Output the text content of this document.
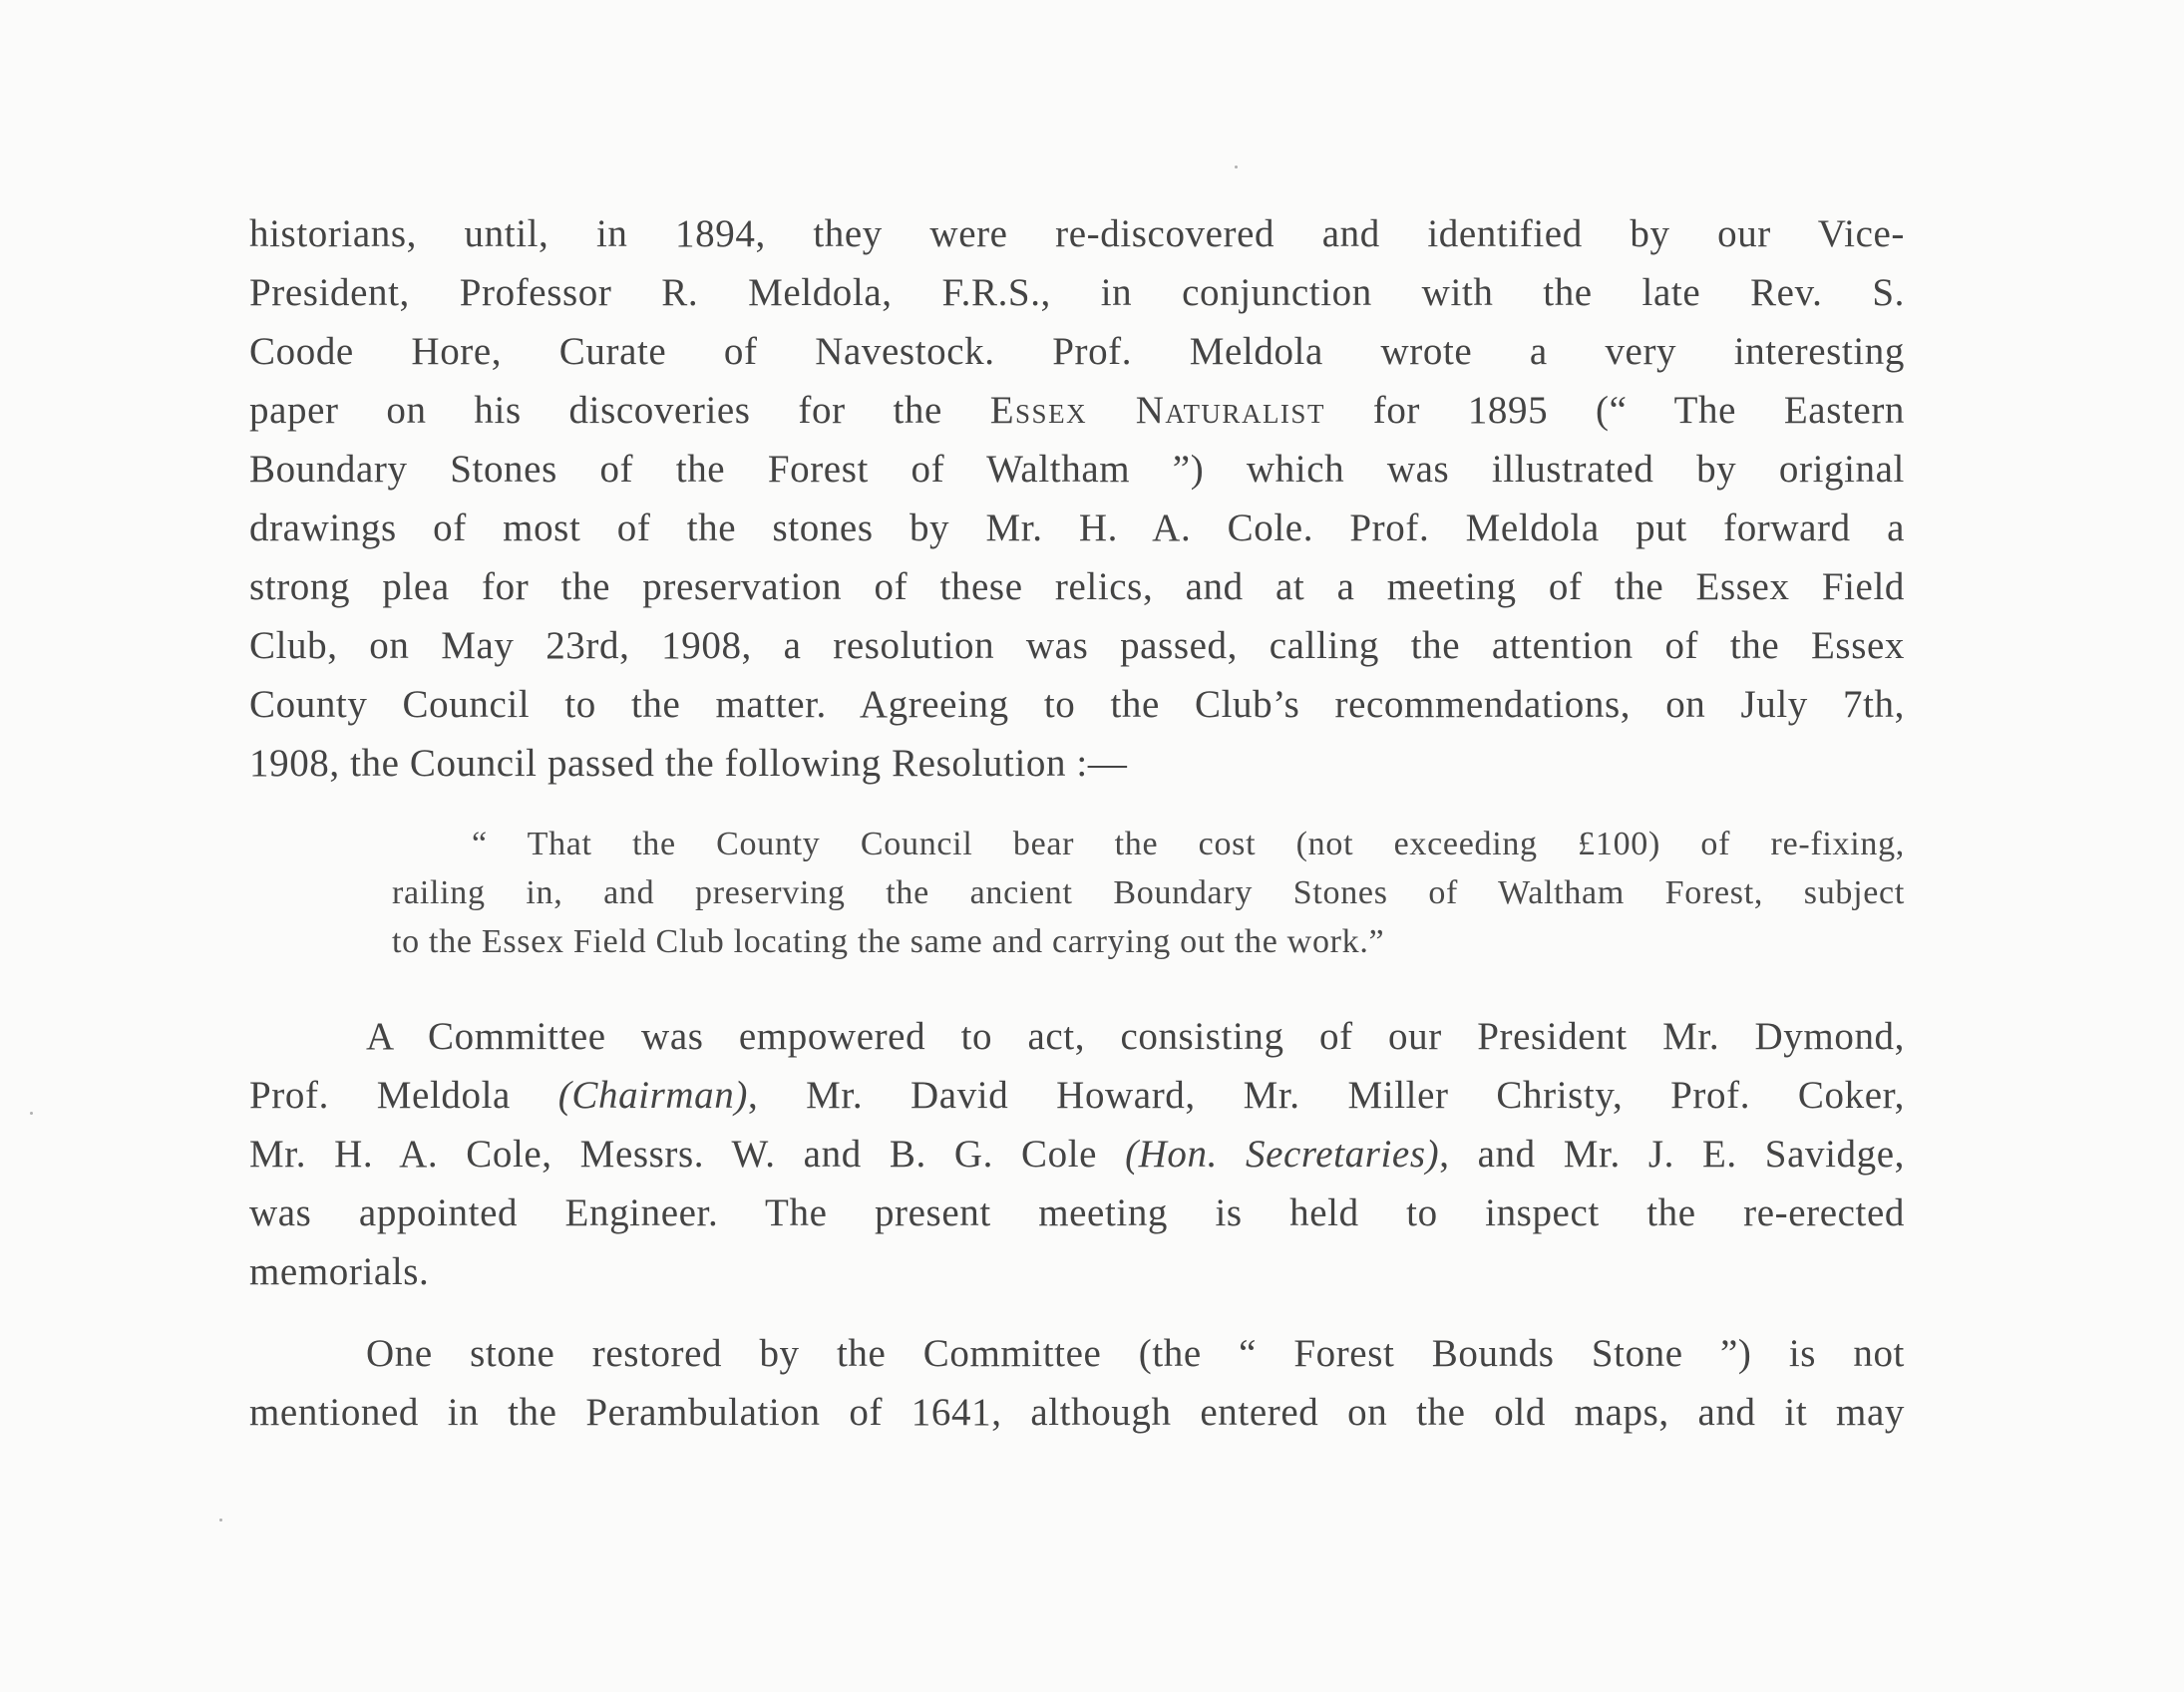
historians, until, in 1894, they were re-discovered and identified by our Vice-
President, Professor R. Meldola, F.R.S., in conjunction with the late Rev. S.
Coode Hore, Curate of Navestock. Prof. Meldola wrote a very interesting
paper on his discoveries for the Essex Naturalist for 1895 (“ The Eastern
Boundary Stones of the Forest of Waltham ”) which was illustrated by original
drawings of most of the stones by Mr. H. A. Cole. Prof. Meldola put forward a
strong plea for the preservation of these relics, and at a meeting of the Essex Field
Club, on May 23rd, 1908, a resolution was passed, calling the attention of the Essex
County Council to the matter. Agreeing to the Club’s recommendations, on July 7th,
1908, the Council passed the following Resolution :—
“ That the County Council bear the cost (not exceeding £100) of re-fixing,
railing in, and preserving the ancient Boundary Stones of Waltham Forest, subject
to the Essex Field Club locating the same and carrying out the work.”
A Committee was empowered to act, consisting of our President Mr. Dymond,
Prof. Meldola (Chairman), Mr. David Howard, Mr. Miller Christy, Prof. Coker,
Mr. H. A. Cole, Messrs. W. and B. G. Cole (Hon. Secretaries), and Mr. J. E. Savidge,
was appointed Engineer. The present meeting is held to inspect the re-erected
memorials.
One stone restored by the Committee (the “ Forest Bounds Stone ”) is not
mentioned in the Perambulation of 1641, although entered on the old maps, and it may
